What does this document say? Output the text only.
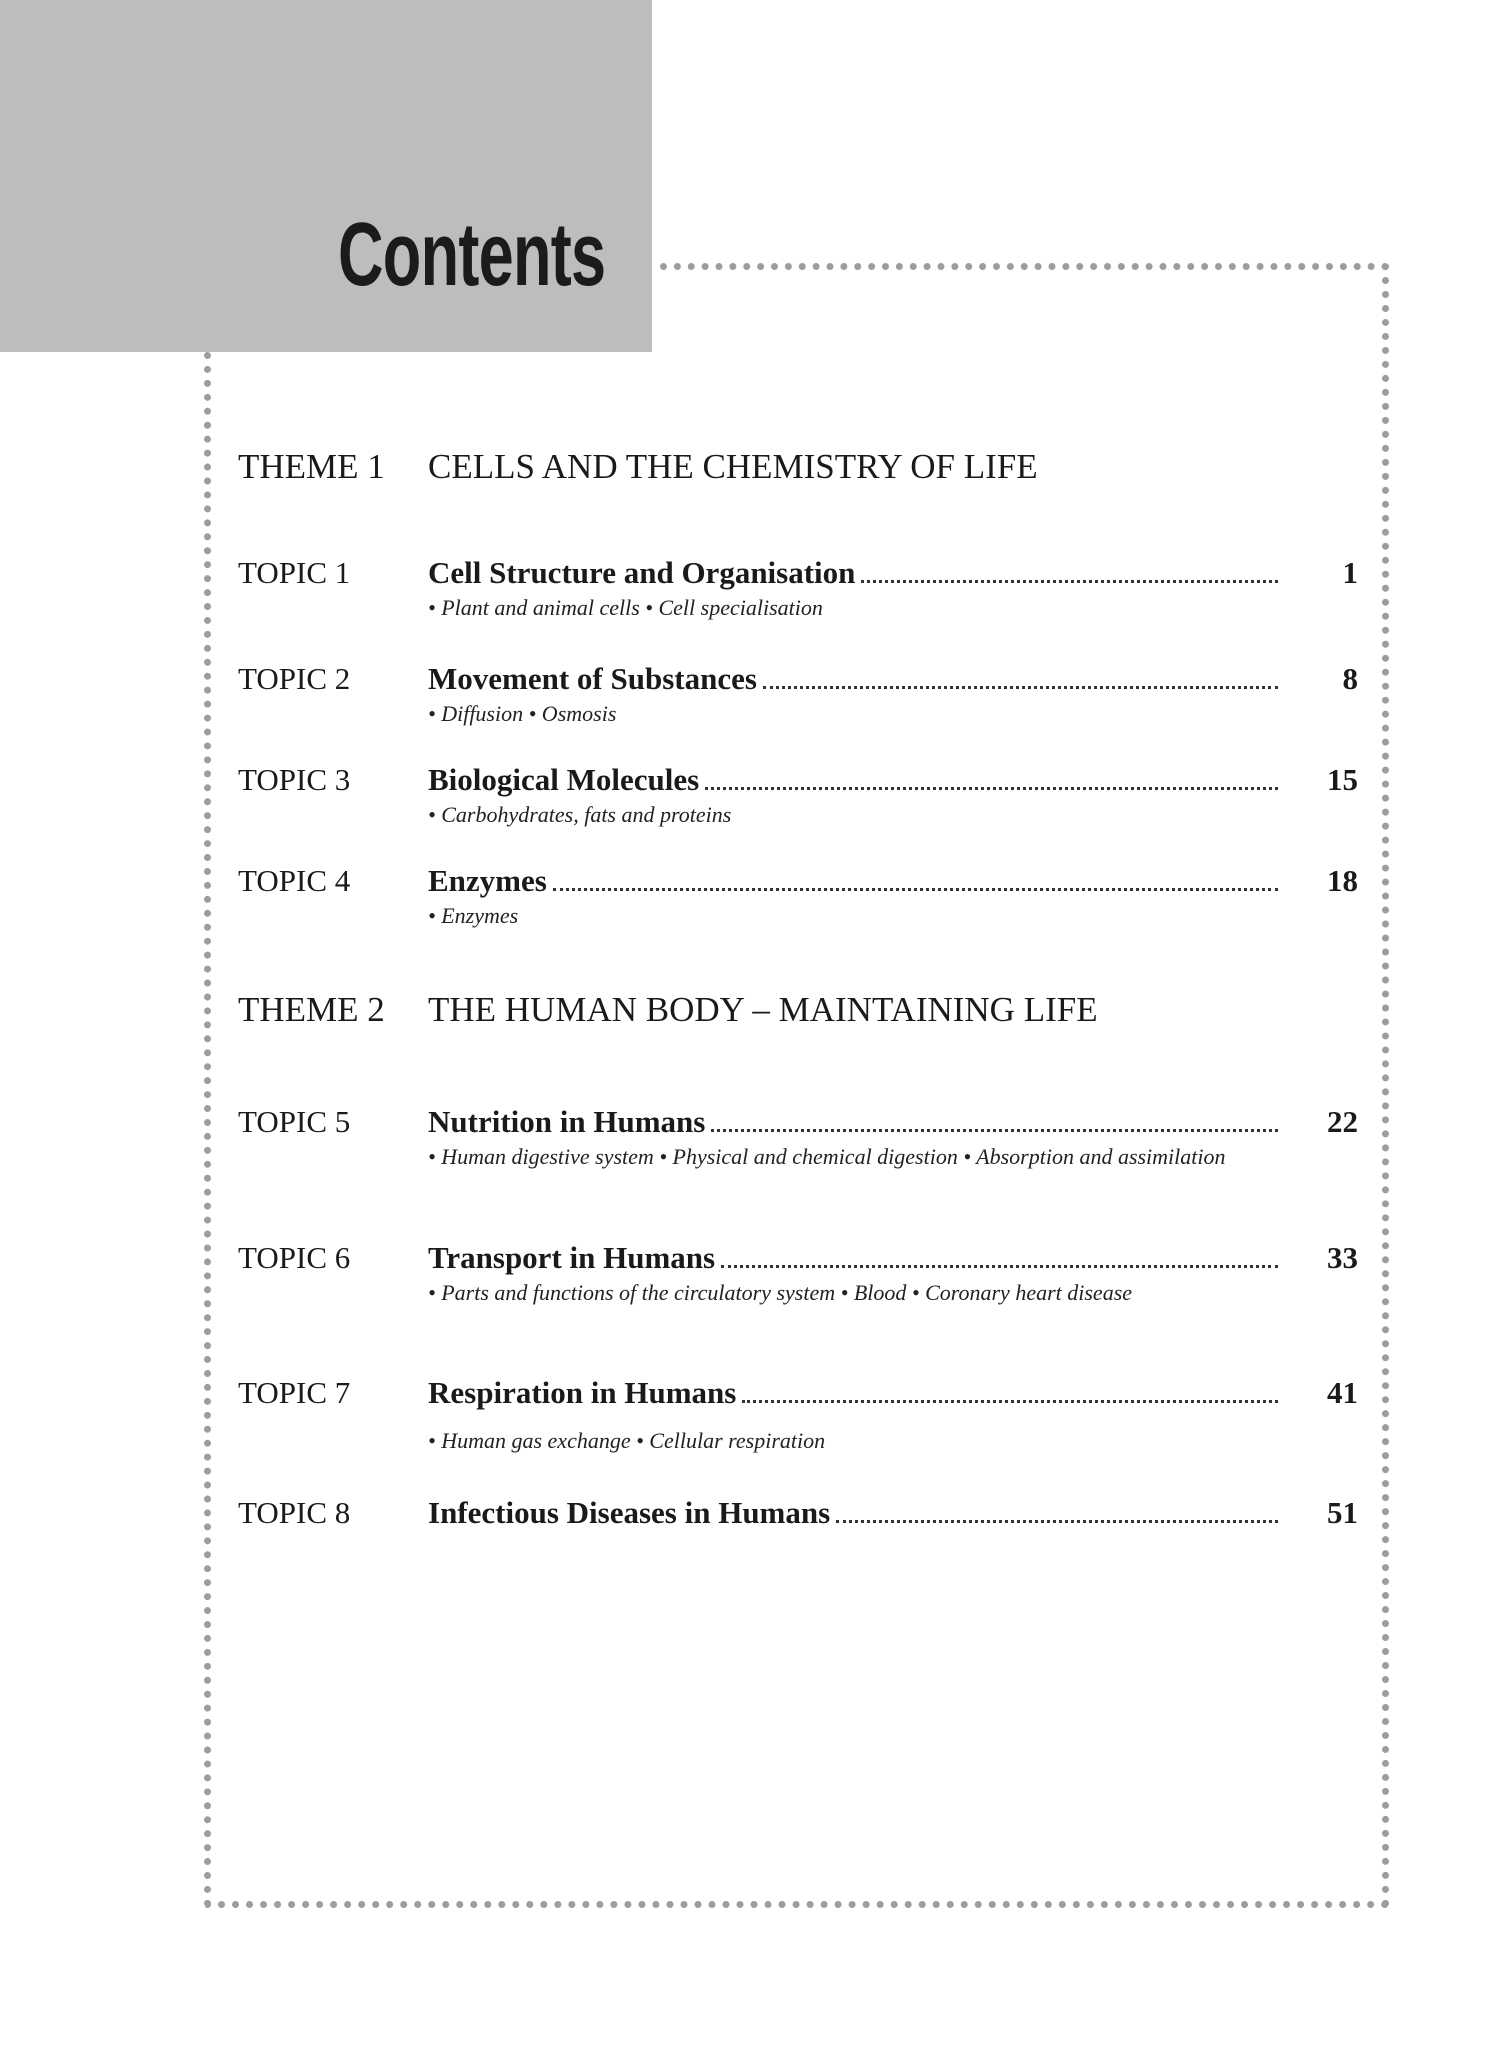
Contents
THEME 1 CELLS AND THE CHEMISTRY OF LIFE
TOPIC 1	Cell Structure and Organisation	1
• Plant and animal cells • Cell specialisation
TOPIC 2	Movement of Substances	8
• Diffusion • Osmosis
TOPIC 3	Biological Molecules	15
• Carbohydrates, fats and proteins
TOPIC 4	Enzymes	18
• Enzymes
THEME 2 THE HUMAN BODY – MAINTAINING LIFE
TOPIC 5	Nutrition in Humans	22
• Human digestive system • Physical and chemical digestion • Absorption and assimilation
TOPIC 6	Transport in Humans	33
• Parts and functions of the circulatory system • Blood • Coronary heart disease
TOPIC 7	Respiration in Humans	41
• Human gas exchange • Cellular respiration
TOPIC 8	Infectious Diseases in Humans	51
